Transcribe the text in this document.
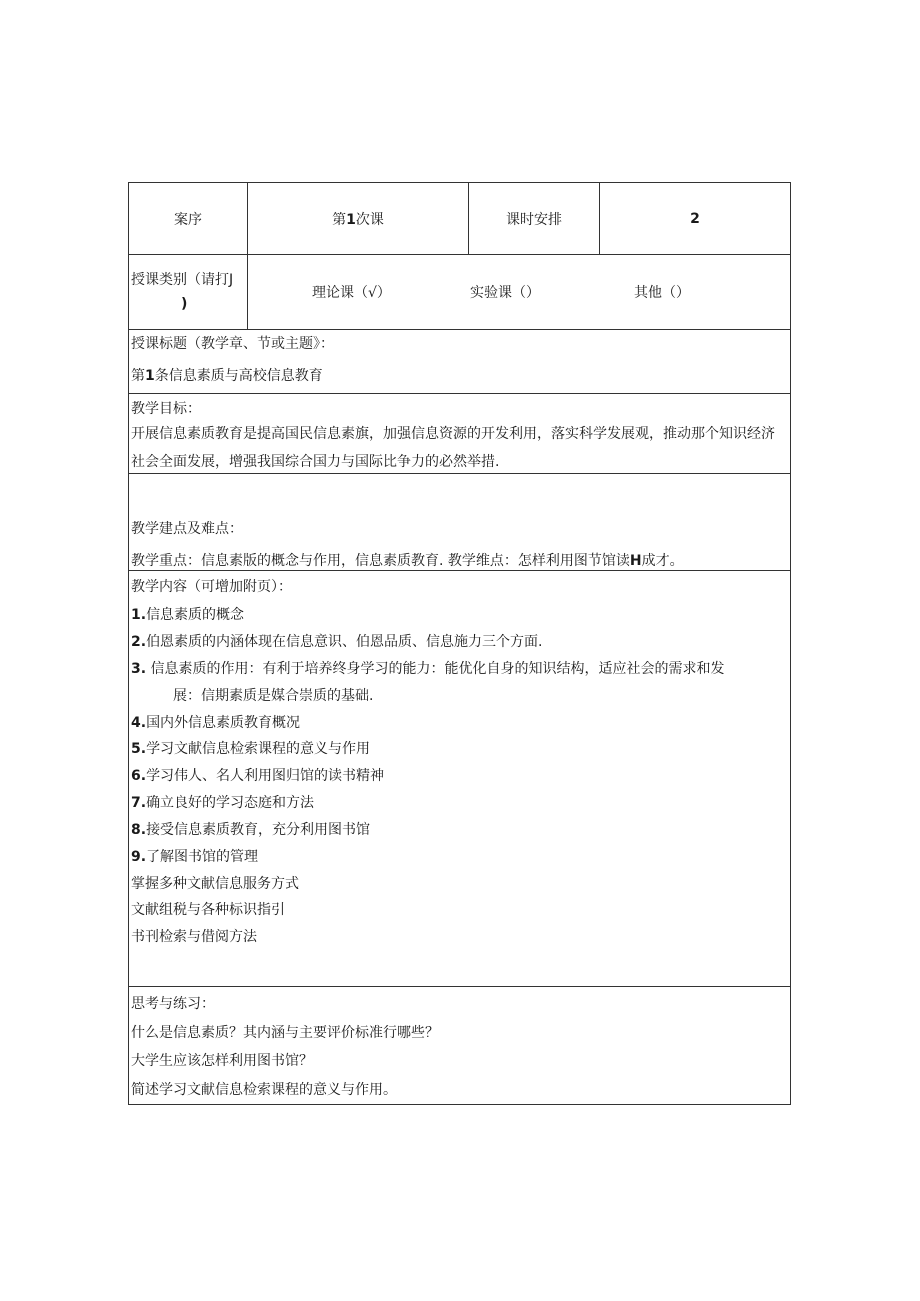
案序	第1次课	课时安排	2
授课类别（请打J
)
理论课（√）	实验课（）	其他（）
授课标题（教学章、节或主题》：
第1条信息素质与高校信息教育
教学目标：
开展信息素质教育是提高国民信息素旗，加强信息资源的开发利用，落实科学发展观，推动那个知识经济社会全面发展，增强我国综合国力与国际比争力的必然举措.
教学建点及难点：
教学重点：信息素版的概念与作用，信息素质教育. 教学维点：怎样利用图节馆读H成才。
教学内容（可增加附页）：
1.信息素质的概念
2.伯恩素质的内涵体现在信息意识、伯恩品质、信息施力三个方面.
3. 信息素质的作用：有利于培养终身学习的能力：能优化自身的知识结构，适应社会的需求和发
展：信期素质是媒合崇质的基础.
4.国内外信息素质教育概况
5.学习文献信息检索课程的意义与作用
6.学习伟人、名人利用图归馆的读书精神
7.确立良好的学习态庭和方法
8.接受信息素质教育，充分利用图书馆
9.了解图书馆的管理
掌握多种文献信息服务方式
文献组税与各种标识指引
书刊检索与借阅方法
思考与练习：
什么是信息素质？其内涵与主要评价标准行哪些？
大学生应该怎样利用图书馆？
简述学习文献信息检索课程的意义与作用。
